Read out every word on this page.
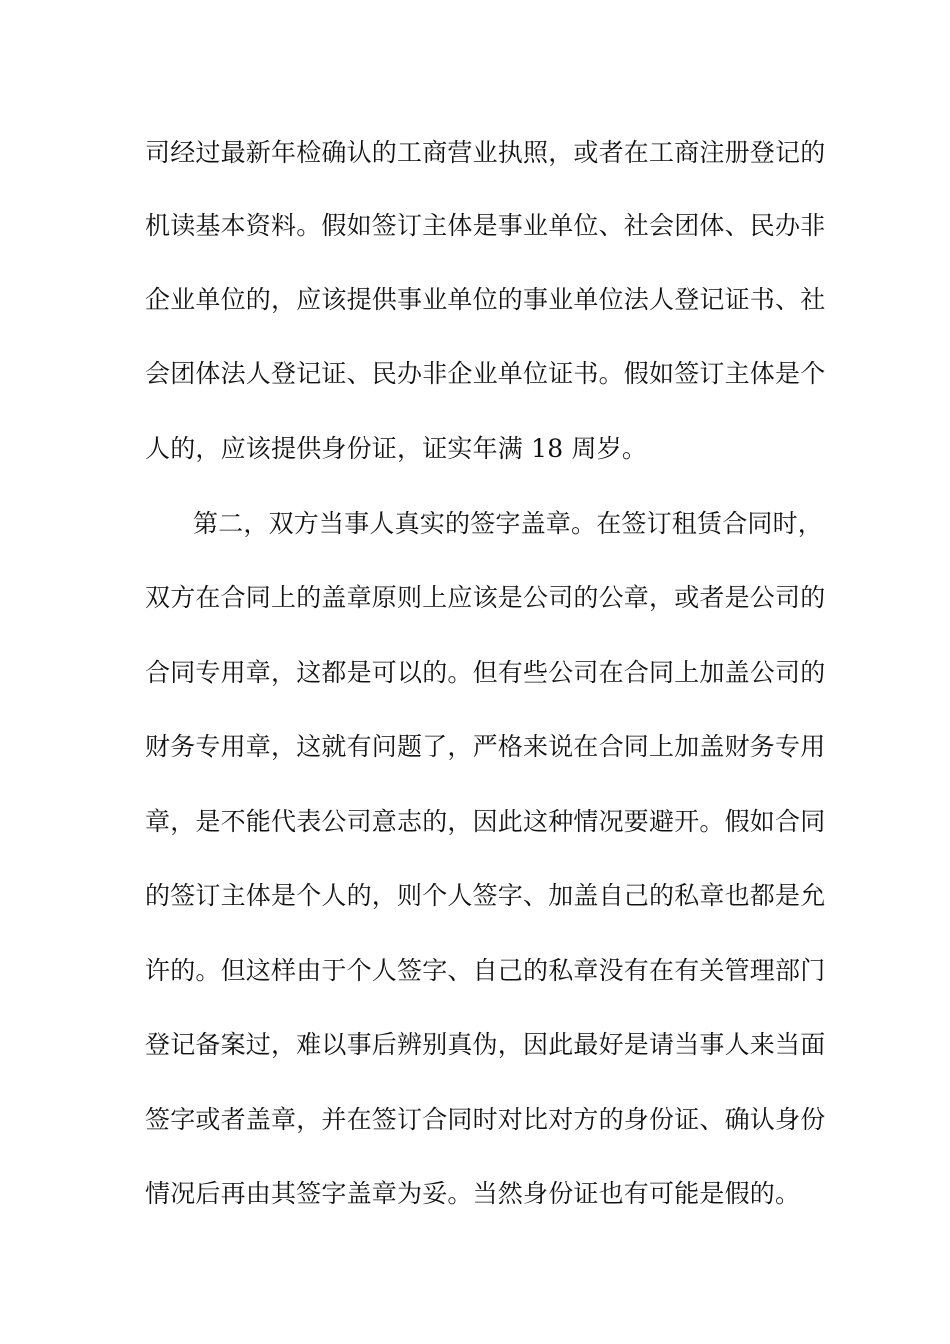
司经过最新年检确认的工商营业执照，或者在工商注册登记的
机读基本资料。假如签订主体是事业单位、社会团体、民办非
企业单位的，应该提供事业单位的事业单位法人登记证书、社
会团体法人登记证、民办非企业单位证书。假如签订主体是个
人的，应该提供身份证，证实年满 18 周岁。
第二，双方当事人真实的签字盖章。在签订租赁合同时，
双方在合同上的盖章原则上应该是公司的公章，或者是公司的
合同专用章，这都是可以的。但有些公司在合同上加盖公司的
财务专用章，这就有问题了，严格来说在合同上加盖财务专用
章，是不能代表公司意志的，因此这种情况要避开。假如合同
的签订主体是个人的，则个人签字、加盖自己的私章也都是允
许的。但这样由于个人签字、自己的私章没有在有关管理部门
登记备案过，难以事后辨别真伪，因此最好是请当事人来当面
签字或者盖章，并在签订合同时对比对方的身份证、确认身份
情况后再由其签字盖章为妥。当然身份证也有可能是假的。
